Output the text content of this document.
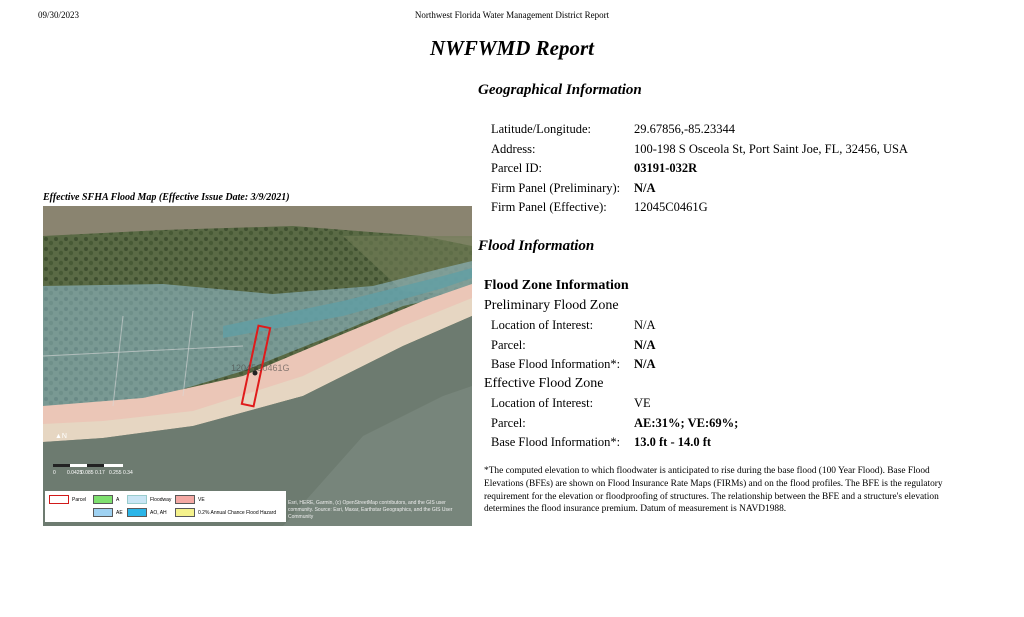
09/30/2023	Northwest Florida Water Management District Report
NWFWMD Report
Geographical Information
Latitude/Longitude:	29.67856,-85.23344
Address:	100-198 S Osceola St, Port Saint Joe, FL, 32456, USA
Parcel ID:	03191-032R
Firm Panel (Preliminary): N/A
Firm Panel (Effective): 12045C0461G
Flood Information
Flood Zone Information
Preliminary Flood Zone
Location of Interest:	N/A
Parcel:	N/A
Base Flood Information*: N/A
Effective Flood Zone
Location of Interest:	VE
Parcel:	AE:31%; VE:69%;
Base Flood Information*: 13.0 ft - 14.0 ft
*The computed elevation to which floodwater is anticipated to rise during the base flood (100 Year Flood). Base Flood Elevations (BFEs) are shown on Flood Insurance Rate Maps (FIRMs) and on the flood profiles. The BFE is the regulatory requirement for the elevation or floodproofing of structures. The relationship between the BFE and a structure's elevation determines the flood insurance premium. Datum of measurement is NAVD1988.
Effective SFHA Flood Map (Effective Issue Date: 3/9/2021)
12045C0461G
▲N
0 0.04250.0850.17 0.2550.34
Parcel	A	Floodway	VE
AE	AO, AH	0.2% Annual Chance Flood Hazard
Esri, HERE, Garmin, (c) OpenStreetMap contributors, and the GIS user community. Source: Esri, Maxar, Earthstar Geographics, and the GIS User Community
